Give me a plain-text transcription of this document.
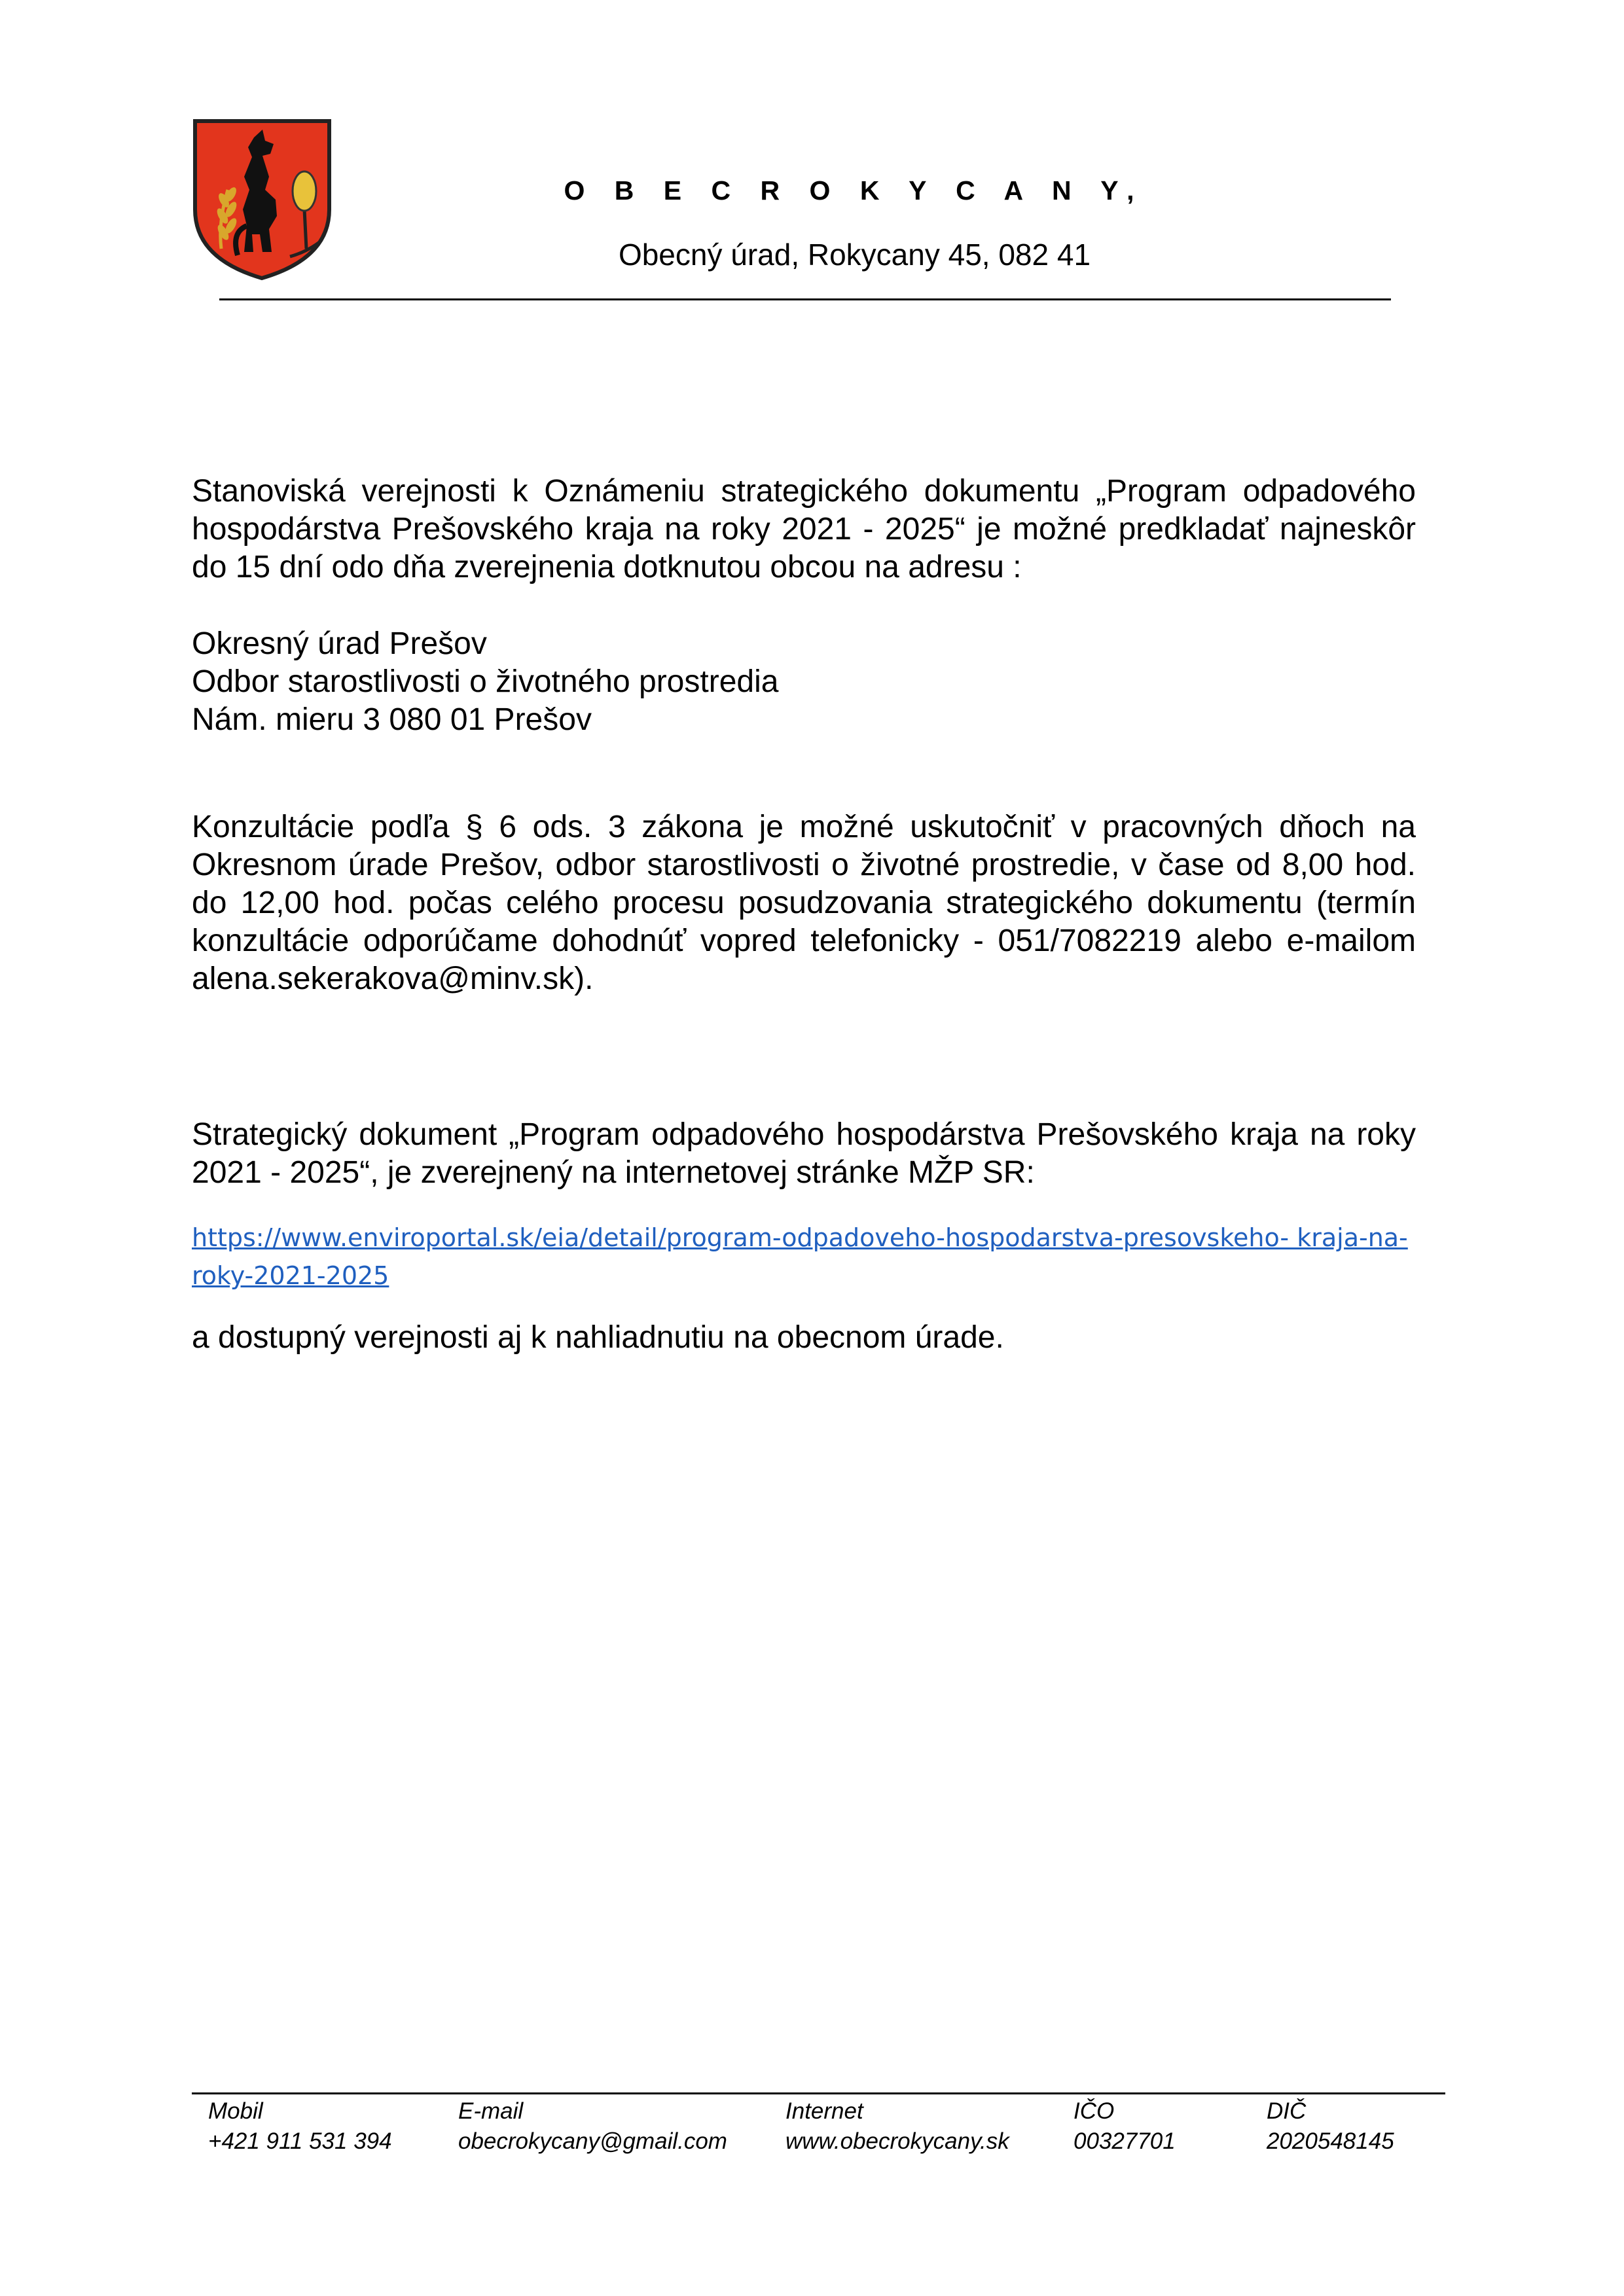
O B E C R O K Y C A N Y,
Obecný úrad, Rokycany 45, 082 41
Stanoviská verejnosti k Oznámeniu strategického dokumentu „Program odpadového hospodárstva Prešovského kraja na roky 2021 - 2025“ je možné predkladať najneskôr do 15 dní odo dňa zverejnenia dotknutou obcou na adresu :
Okresný úrad Prešov
Odbor starostlivosti o životného prostredia
Nám. mieru 3 080 01 Prešov
Konzultácie podľa § 6 ods. 3 zákona je možné uskutočniť v pracovných dňoch na Okresnom úrade Prešov, odbor starostlivosti o životné prostredie, v čase od 8,00 hod. do 12,00 hod. počas celého procesu posudzovania strategického dokumentu (termín konzultácie odporúčame dohodnúť vopred telefonicky - 051/7082219 alebo e-mailom alena.sekerakova@minv.sk).
Strategický dokument „Program odpadového hospodárstva Prešovského kraja na roky 2021 - 2025“, je zverejnený na internetovej stránke MŽP SR:
https://www.enviroportal.sk/eia/detail/program-odpadoveho-hospodarstva-presovskeho- kraja-na-roky-2021-2025
a dostupný verejnosti aj k nahliadnutiu na obecnom úrade.
Mobil
+421 911 531 394
E-mail
obecrokycany@gmail.com
Internet
www.obecrokycany.sk
IČO
00327701
DIČ
2020548145
